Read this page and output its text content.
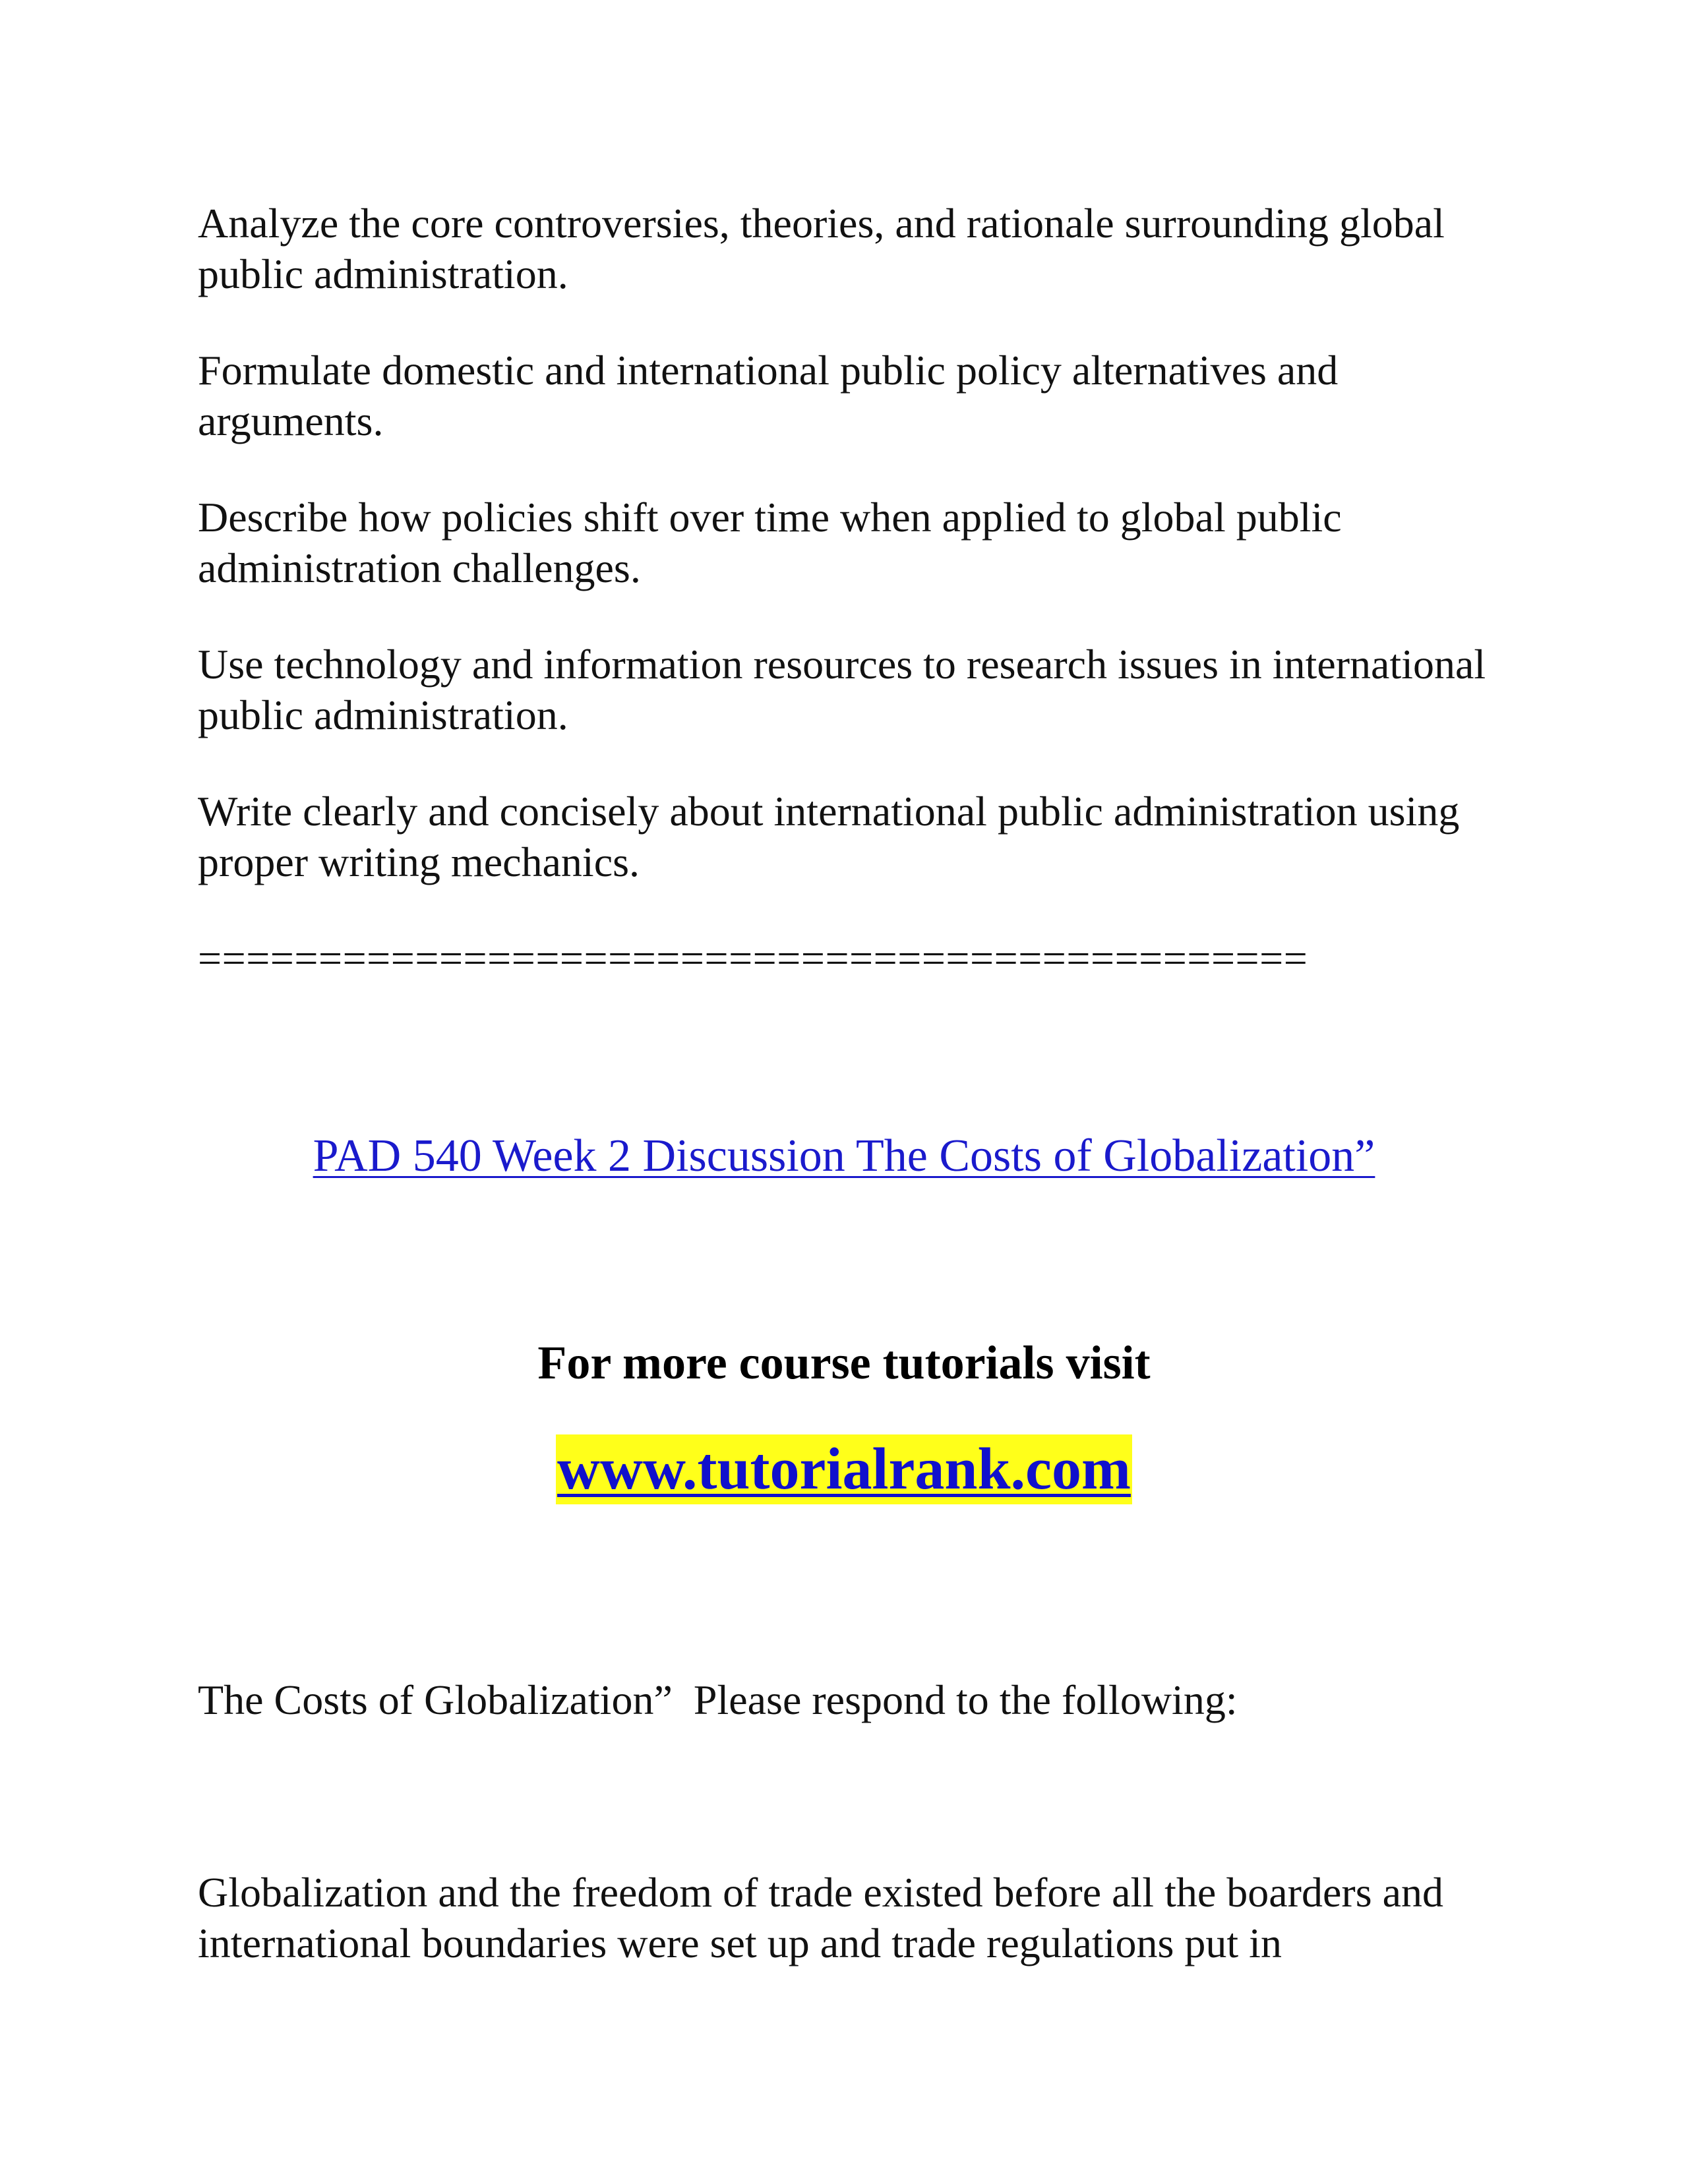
Analyze the core controversies, theories, and rationale surrounding global public administration.

Formulate domestic and international public policy alternatives and arguments.

Describe how policies shift over time when applied to global public administration challenges.

Use technology and information resources to research issues in international public administration.

Write clearly and concisely about international public administration using proper writing mechanics.

==============================================
PAD 540 Week 2 Discussion The Costs of Globalization”
For more course tutorials visit
www.tutorialrank.com
The Costs of Globalization”  Please respond to the following:

Globalization and the freedom of trade existed before all the boarders and international boundaries were set up and trade regulations put in
